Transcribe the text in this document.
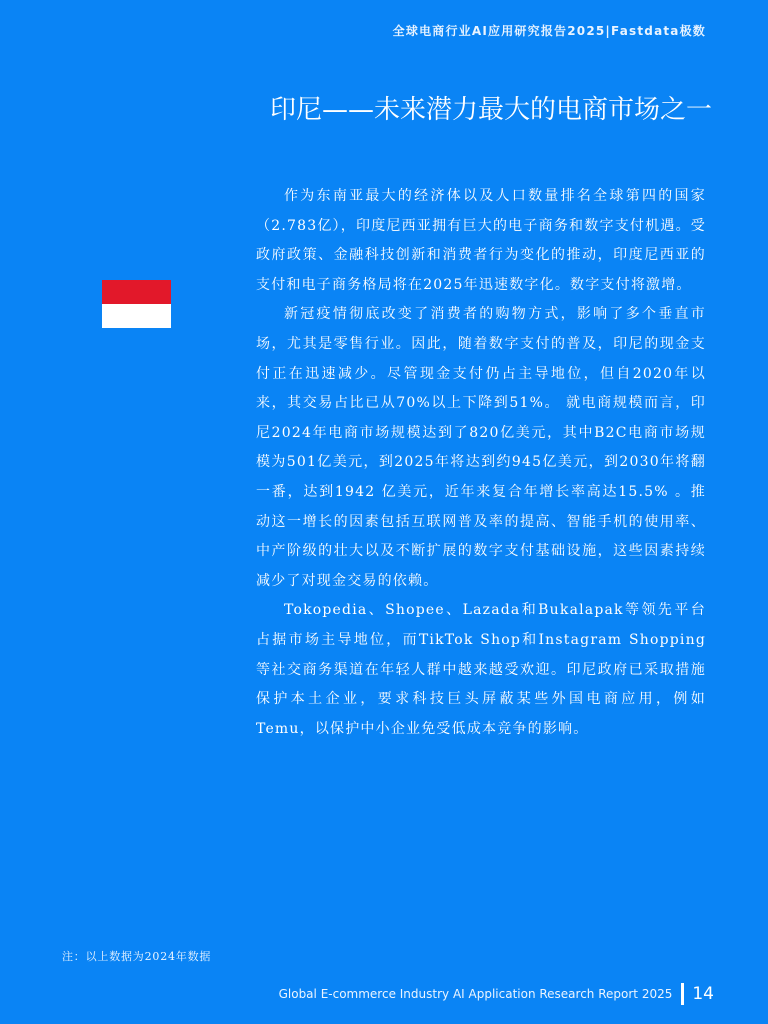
全球电商行业AI应用研究报告2025|Fastdata极数
印尼——未来潜力最大的电商市场之一

作为东南亚最大的经济体以及人口数量排名全球第四的国家（2.783亿），印度尼西亚拥有巨大的电子商务和数字支付机遇。受政府政策、金融科技创新和消费者行为变化的推动，印度尼西亚的支付和电子商务格局将在2025年迅速数字化。数字支付将激增。

新冠疫情彻底改变了消费者的购物方式，影响了多个垂直市场，尤其是零售行业。因此，随着数字支付的普及，印尼的现金支付正在迅速减少。尽管现金支付仍占主导地位，但自2020年以来，其交易占比已从70%以上下降到51%。 就电商规模而言，印尼2024年电商市场规模达到了820亿美元，其中B2C电商市场规模为501亿美元，到2025年将达到约945亿美元，到2030年将翻一番，达到1942 亿美元，近年来复合年增长率高达15.5% 。推动这一增长的因素包括互联网普及率的提高、智能手机的使用率、中产阶级的壮大以及不断扩展的数字支付基础设施，这些因素持续减少了对现金交易的依赖。

Tokopedia、Shopee、Lazada和Bukalapak等领先平台占据市场主导地位，而TikTok Shop和Instagram Shopping 等社交商务渠道在年轻人群中越来越受欢迎。印尼政府已采取措施保护本土企业，要求科技巨头屏蔽某些外国电商应用，例如Temu，以保护中小企业免受低成本竞争的影响。

注：以上数据为2024年数据
Global E-commerce Industry AI Application Research Report 2025 14
